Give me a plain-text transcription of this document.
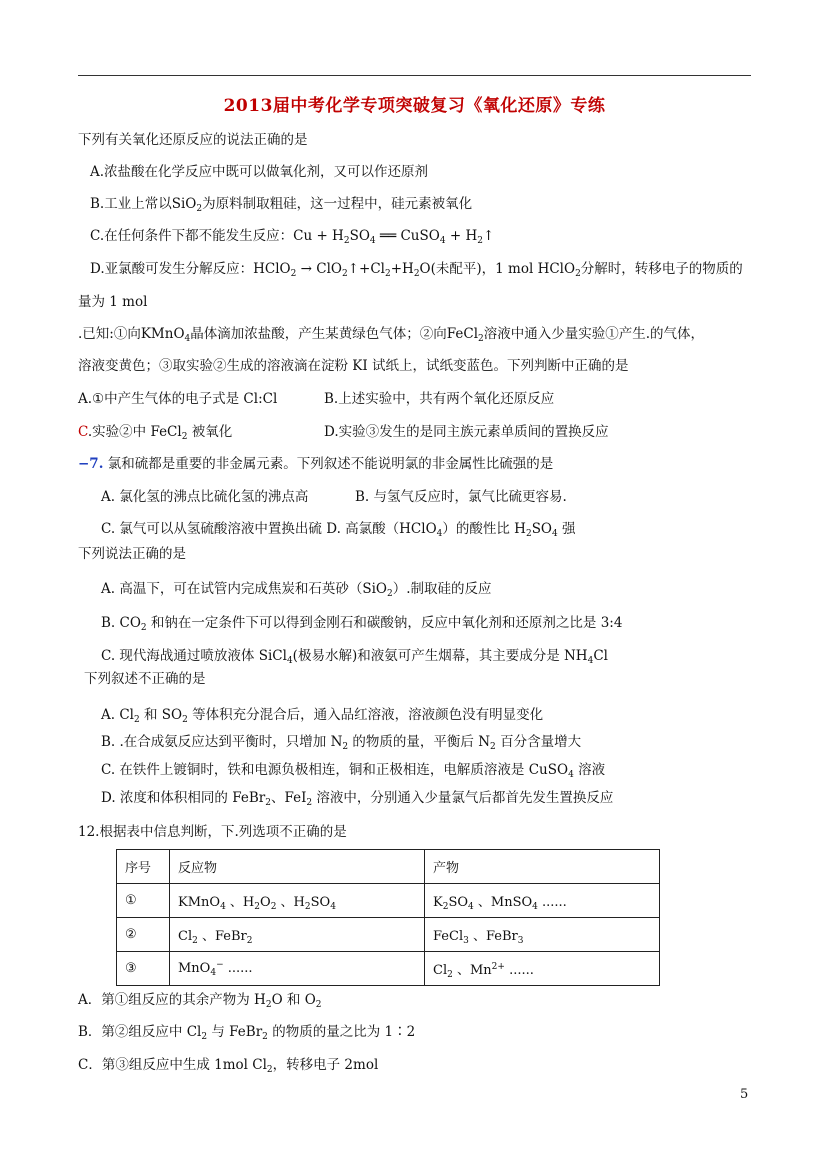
2013届中考化学专项突破复习《氧化还原》专练
下列有关氧化还原反应的说法正确的是
A.浓盐酸在化学反应中既可以做氧化剂，又可以作还原剂
B.工业上常以SiO$_2$为原料制取粗硅，这一过程中，硅元素被氧化
C.在任何条件下都不能发生反应：$Cu + H_2SO_4$ ══ CuSO$_4$ + $H_2↑$
D.亚氯酸可发生分解反应：HClO$_2$ → $ClO_2↑+Cl_2+H_2O$(未配平)，1 mol HClO$_2$分解时，转移电子的物质的
量为 1 mol
.已知:①向KMnO$_4$晶体滴加浓盐酸，产生某黄绿色气体；②向FeCl$_2$溶液中通入少量实验①产生.的气体，
溶液变黄色；③取实验②生成的溶液滴在淀粉 KI 试纸上，试纸变蓝色。下列判断中正确的是
A.①中产生气体的电子式是 Cl:Cl	B.上述实验中，共有两个氧化还原反应
C.实验②中 FeCl$_2$ 被氧化	D.实验③发生的是同主族元素单质间的置换反应
−7. 氯和硫都是重要的非金属元素。下列叙述不能说明氯的非金属性比硫强的是
A. 氯化氢的沸点比硫化氢的沸点高	B. 与氢气反应时，氯气比硫更容易.
C. 氯气可以从氢硫酸溶液中置换出硫 D. 高氯酸（HClO$_4$）的酸性比 $H_2SO_4$ 强
下列说法正确的是
A. 高温下，可在试管内完成焦炭和石英砂（SiO$_2$）.制取硅的反应
B. $CO_2$ 和钠在一定条件下可以得到金刚石和碳酸钠，反应中氧化剂和还原剂之比是 3:4
C. 现代海战通过喷放液体 SiCl$_4$(极易水解)和液氨可产生烟幕，其主要成分是 $NH_4Cl$
下列叙述不正确的是
A. $Cl_2$ 和 $SO_2$ 等体积充分混合后，通入品红溶液，溶液颜色没有明显变化
B. .在合成氨反应达到平衡时，只增加 $N_2$ 的物质的量，平衡后 $N_2$ 百分含量增大
C. 在铁件上镀铜时，铁和电源负极相连，铜和正极相连，电解质溶液是 CuSO$_4$ 溶液
D. 浓度和体积相同的 FeBr$_2$、FeI$_2$ 溶液中，分别通入少量氯气后都首先发生置换反应
12.根据表中信息判断，下.列选项不正确的是
序号	反应物	产物
①	KMnO$_4$ 、$H_2O_2$ 、$H_2SO_4$	$K_2SO_4$ 、MnSO$_4$ ......
②	$Cl_2$ 、FeBr$_2$	FeCl$_3$ 、FeBr$_3$
③	MnO$_4$− ......	$Cl_2$ 、$Mn^{2+}$ ......
A．第①组反应的其余产物为 $H_2O$ 和 $O_2$
B．第②组反应中 $Cl_2$ 与 FeBr$_2$ 的物质的量之比为 1∶2
C．第③组反应中生成 1mol $Cl_2$，转移电子 2mol
5
